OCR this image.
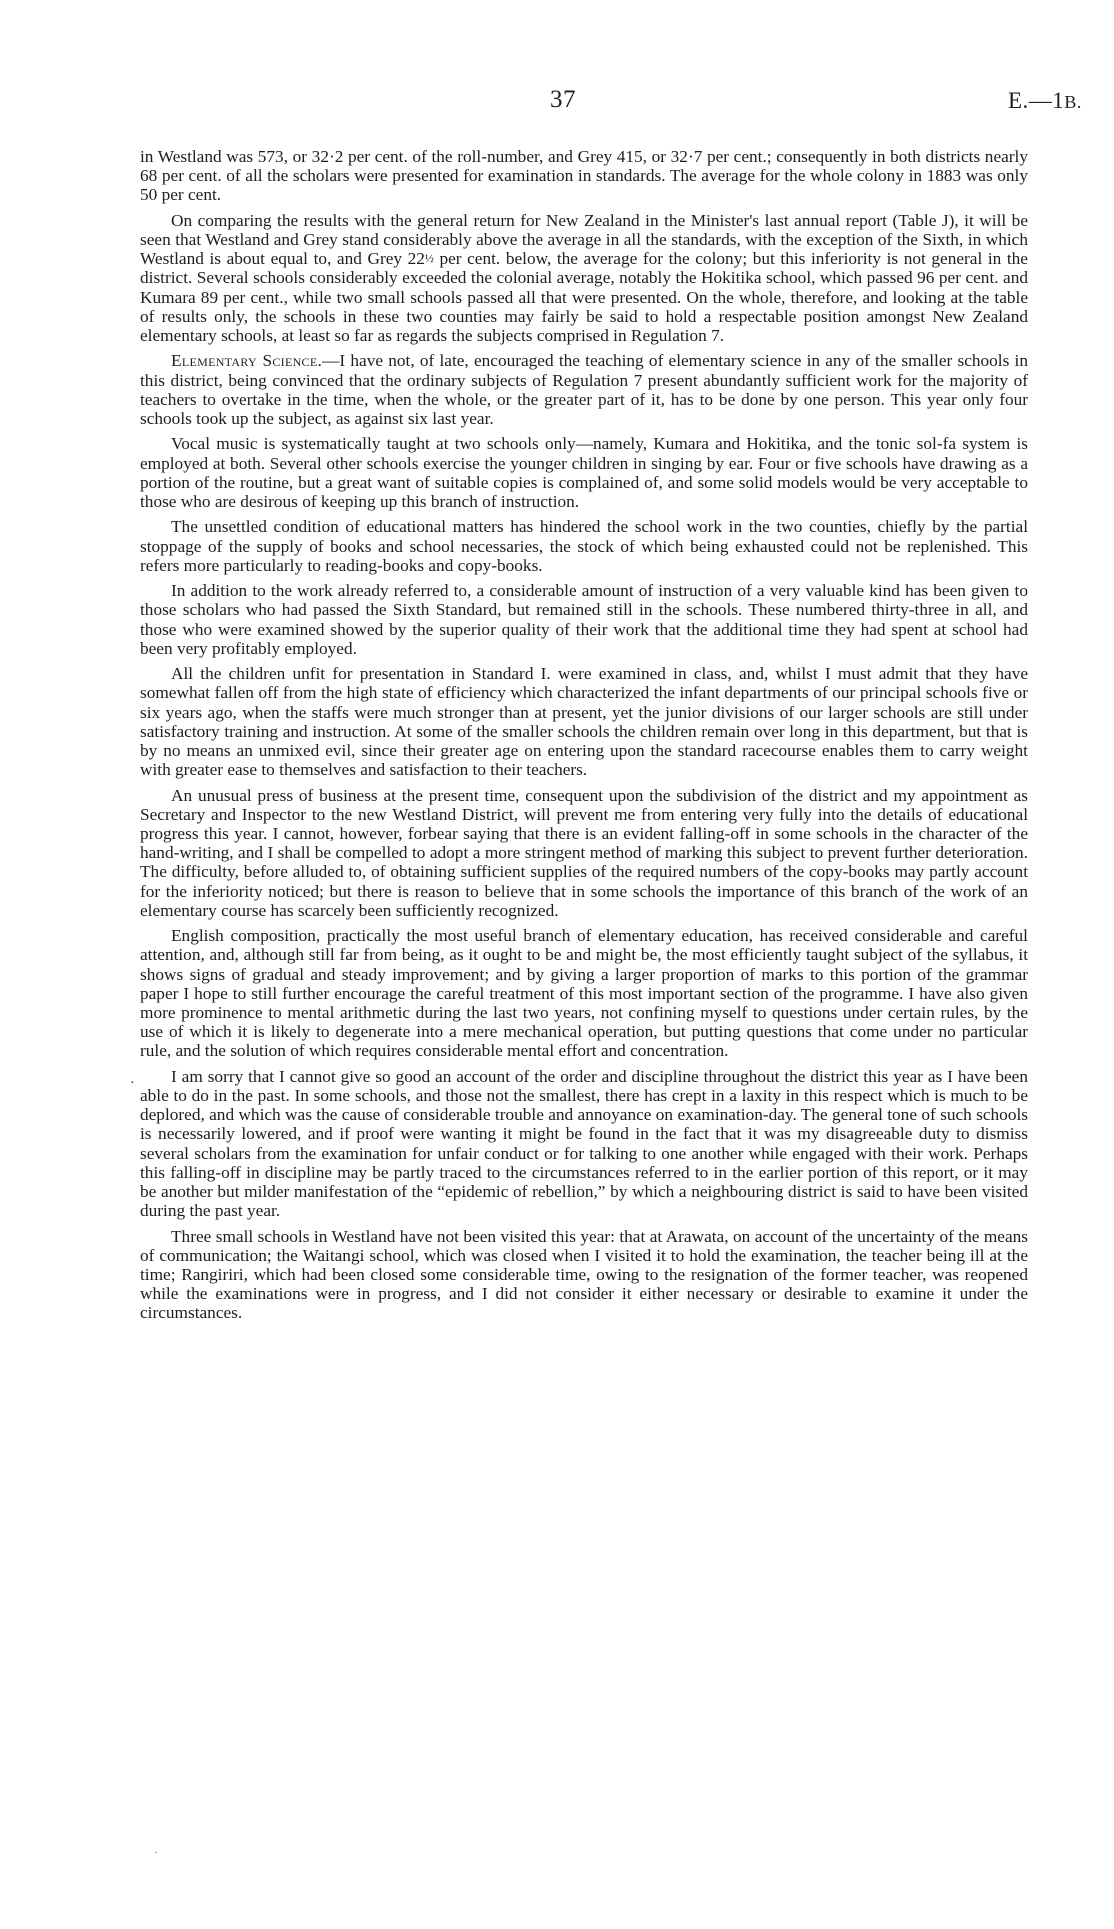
37	E.—1B.

in Westland was 573, or 32·2 per cent. of the roll-number, and Grey 415, or 32·7 per cent.; consequently in both districts nearly 68 per cent. of all the scholars were presented for examination in standards. The average for the whole colony in 1883 was only 50 per cent.

On comparing the results with the general return for New Zealand in the Minister's last annual report (Table J), it will be seen that Westland and Grey stand considerably above the average in all the standards, with the exception of the Sixth, in which Westland is about equal to, and Grey 22½ per cent. below, the average for the colony; but this inferiority is not general in the district. Several schools considerably exceeded the colonial average, notably the Hokitika school, which passed 96 per cent. and Kumara 89 per cent., while two small schools passed all that were presented. On the whole, therefore, and looking at the table of results only, the schools in these two counties may fairly be said to hold a respectable position amongst New Zealand elementary schools, at least so far as regards the subjects comprised in Regulation 7.

Elementary Science.—I have not, of late, encouraged the teaching of elementary science in any of the smaller schools in this district, being convinced that the ordinary subjects of Regulation 7 present abundantly sufficient work for the majority of teachers to overtake in the time, when the whole, or the greater part of it, has to be done by one person. This year only four schools took up the subject, as against six last year.

Vocal music is systematically taught at two schools only—namely, Kumara and Hokitika, and the tonic sol-fa system is employed at both. Several other schools exercise the younger children in singing by ear. Four or five schools have drawing as a portion of the routine, but a great want of suitable copies is complained of, and some solid models would be very acceptable to those who are desirous of keeping up this branch of instruction.

The unsettled condition of educational matters has hindered the school work in the two counties, chiefly by the partial stoppage of the supply of books and school necessaries, the stock of which being exhausted could not be replenished. This refers more particularly to reading-books and copy-books.

In addition to the work already referred to, a considerable amount of instruction of a very valuable kind has been given to those scholars who had passed the Sixth Standard, but remained still in the schools. These numbered thirty-three in all, and those who were examined showed by the superior quality of their work that the additional time they had spent at school had been very profitably employed.

All the children unfit for presentation in Standard I. were examined in class, and, whilst I must admit that they have somewhat fallen off from the high state of efficiency which characterized the infant departments of our principal schools five or six years ago, when the staffs were much stronger than at present, yet the junior divisions of our larger schools are still under satisfactory training and instruction. At some of the smaller schools the children remain over long in this department, but that is by no means an unmixed evil, since their greater age on entering upon the standard racecourse enables them to carry weight with greater ease to themselves and satisfaction to their teachers.

An unusual press of business at the present time, consequent upon the subdivision of the district and my appointment as Secretary and Inspector to the new Westland District, will prevent me from entering very fully into the details of educational progress this year. I cannot, however, forbear saying that there is an evident falling-off in some schools in the character of the hand-writing, and I shall be compelled to adopt a more stringent method of marking this subject to prevent further deterioration. The difficulty, before alluded to, of obtaining sufficient supplies of the required numbers of the copy-books may partly account for the inferiority noticed; but there is reason to believe that in some schools the importance of this branch of the work of an elementary course has scarcely been sufficiently recognized.

English composition, practically the most useful branch of elementary education, has received considerable and careful attention, and, although still far from being, as it ought to be and might be, the most efficiently taught subject of the syllabus, it shows signs of gradual and steady improvement; and by giving a larger proportion of marks to this portion of the grammar paper I hope to still further encourage the careful treatment of this most important section of the programme. I have also given more prominence to mental arithmetic during the last two years, not confining myself to questions under certain rules, by the use of which it is likely to degenerate into a mere mechanical operation, but putting questions that come under no particular rule, and the solution of which requires considerable mental effort and concentration.

I am sorry that I cannot give so good an account of the order and discipline throughout the district this year as I have been able to do in the past. In some schools, and those not the smallest, there has crept in a laxity in this respect which is much to be deplored, and which was the cause of considerable trouble and annoyance on examination-day. The general tone of such schools is necessarily lowered, and if proof were wanting it might be found in the fact that it was my disagreeable duty to dismiss several scholars from the examination for unfair conduct or for talking to one another while engaged with their work. Perhaps this falling-off in discipline may be partly traced to the circumstances referred to in the earlier portion of this report, or it may be another but milder manifestation of the “epidemic of rebellion,” by which a neighbouring district is said to have been visited during the past year.

Three small schools in Westland have not been visited this year: that at Arawata, on account of the uncertainty of the means of communication; the Waitangi school, which was closed when I visited it to hold the examination, the teacher being ill at the time; Rangiriri, which had been closed some considerable time, owing to the resignation of the former teacher, was reopened while the examinations were in progress, and I did not consider it either necessary or desirable to examine it under the circumstances.

·
·
